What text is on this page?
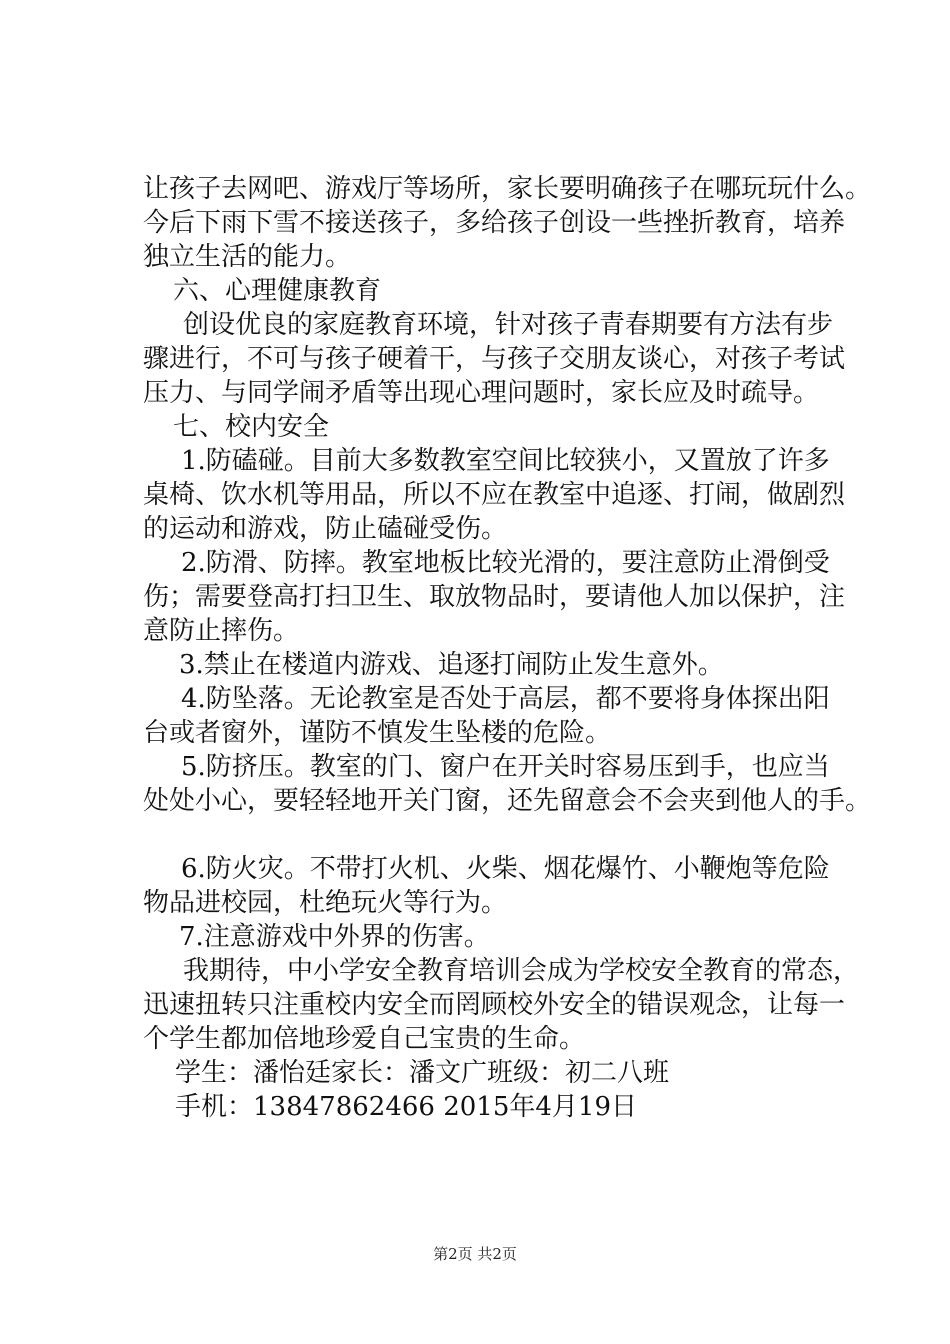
让孩子去网吧、游戏厅等场所，家长要明确孩子在哪玩玩什么。
今后下雨下雪不接送孩子，多给孩子创设一些挫折教育，培养
独立生活的能力。
六、心理健康教育
创设优良的家庭教育环境，针对孩子青春期要有方法有步
骤进行，不可与孩子硬着干，与孩子交朋友谈心，对孩子考试
压力、与同学闹矛盾等出现心理问题时，家长应及时疏导。
七、校内安全
1.防磕碰。目前大多数教室空间比较狭小，又置放了许多
桌椅、饮水机等用品，所以不应在教室中追逐、打闹，做剧烈
的运动和游戏，防止磕碰受伤。
2.防滑、防摔。教室地板比较光滑的，要注意防止滑倒受
伤；需要登高打扫卫生、取放物品时，要请他人加以保护，注
意防止摔伤。
3.禁止在楼道内游戏、追逐打闹防止发生意外。
4.防坠落。无论教室是否处于高层，都不要将身体探出阳
台或者窗外，谨防不慎发生坠楼的危险。
5.防挤压。教室的门、窗户在开关时容易压到手，也应当
处处小心，要轻轻地开关门窗，还先留意会不会夹到他人的手。
6.防火灾。不带打火机、火柴、烟花爆竹、小鞭炮等危险
物品进校园，杜绝玩火等行为。
7.注意游戏中外界的伤害。
我期待，中小学安全教育培训会成为学校安全教育的常态，
迅速扭转只注重校内安全而罔顾校外安全的错误观念，让每一
个学生都加倍地珍爱自己宝贵的生命。
学生：潘怡廷家长：潘文广班级：初二八班
手机：13847862466 2015年4月19日
第2页 共2页
